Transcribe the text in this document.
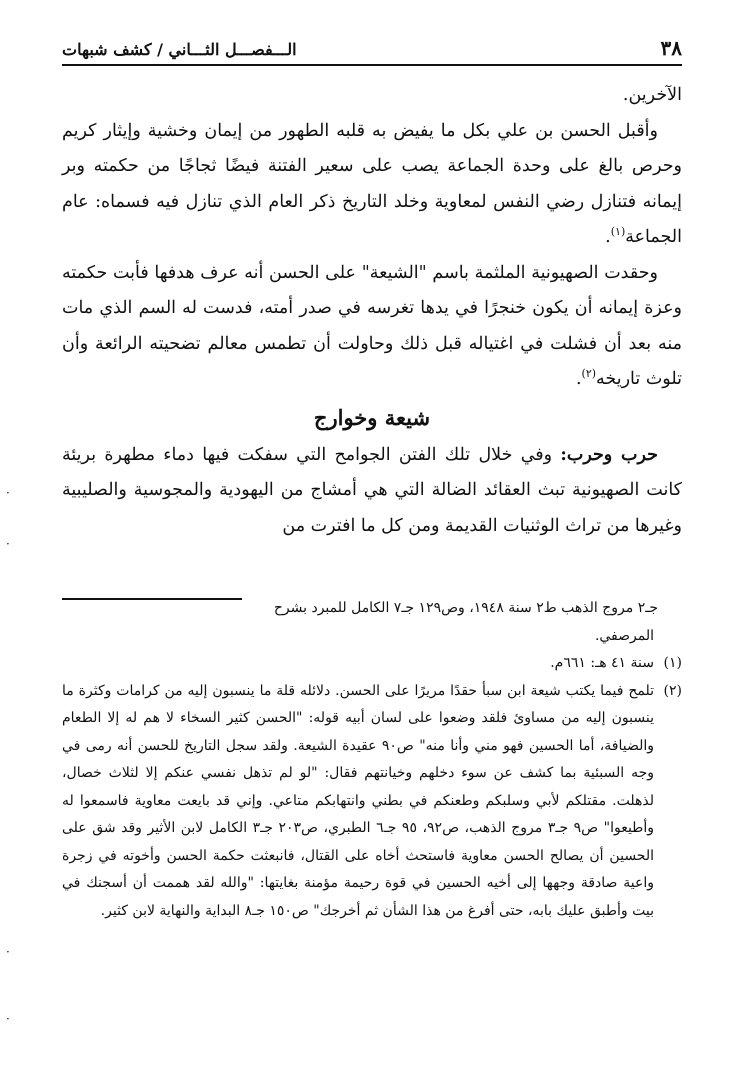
٣٨
الـــفصـــل الثـــاني / كشف شبهات

الآخرين.

وأقبل الحسن بن علي بكل ما يفيض به قلبه الطهور من إيمان وخشية وإيثار كريم وحرص بالغ على وحدة الجماعة يصب على سعير الفتنة فيضًا ثجاجًا من حكمته وبر إيمانه فتنازل رضي النفس لمعاوية وخلد التاريخ ذكر العام الذي تنازل فيه فسماه: عام الجماعة$^{(١)}$.

وحقدت الصهيونية الملثمة باسم "الشيعة" على الحسن أنه عرف هدفها فأبت حكمته وعزة إيمانه أن يكون خنجرًا في يدها تغرسه في صدر أمته، فدست له السم الذي مات منه بعد أن فشلت في اغتياله قبل ذلك وحاولت أن تطمس معالم تضحيته الرائعة وأن تلوث تاريخه$^{(٢)}$.

شيعة وخوارج

حرب وحرب: وفي خلال تلك الفتن الجوامح التي سفكت فيها دماء مطهرة بريئة كانت الصهيونية تبث العقائد الضالة التي هي أمشاج من اليهودية والمجوسية والصليبية وغيرها من تراث الوثنيات القديمة ومن كل ما افترت من

جـ٢ مروج الذهب ط٢ سنة ١٩٤٨، وص١٢٩ جـ٧ الكامل للمبرد بشرح

المرصفي.

(١)
سنة ٤١ هـ: ٦٦١م.
(٢)
تلمح فيما يكتب شيعة ابن سبأ حقدًا مريرًا على الحسن. دلائله قلة ما ينسبون إليه من كرامات وكثرة ما ينسبون إليه من مساوئ فلقد وضعوا على لسان أبيه قوله: "الحسن كثير السخاء لا هم له إلا الطعام والضيافة، أما الحسين فهو مني وأنا منه" ص٩٠ عقيدة الشيعة. ولقد سجل التاريخ للحسن أنه رمى في وجه السبئية بما كشف عن سوء دخلهم وخيانتهم فقال: "لو لم تذهل نفسي عنكم إلا لثلاث خصال، لذهلت. مقتلكم لأبي وسلبكم وطعنكم في بطني وانتهابكم متاعي. وإني قد بايعت معاوية فاسمعوا له وأطيعوا" ص٩ جـ٣ مروج الذهب، ص٩٢، ٩٥ جـ٦ الطبري، ص٢٠٣ جـ٣ الكامل لابن الأثير وقد شق على الحسين أن يصالح الحسن معاوية فاستحث أخاه على القتال، فانبعثت حكمة الحسن وأخوته في زجرة واعية صادقة وجهها إلى أخيه الحسين في قوة رحيمة مؤمنة بغايتها: "والله لقد هممت أن أسجنك في بيت وأطبق عليك بابه، حتى أفرغ من هذا الشأن ثم أخرجك" ص١٥٠ جـ٨ البداية والنهاية لابن كثير.
·
·
·
·
